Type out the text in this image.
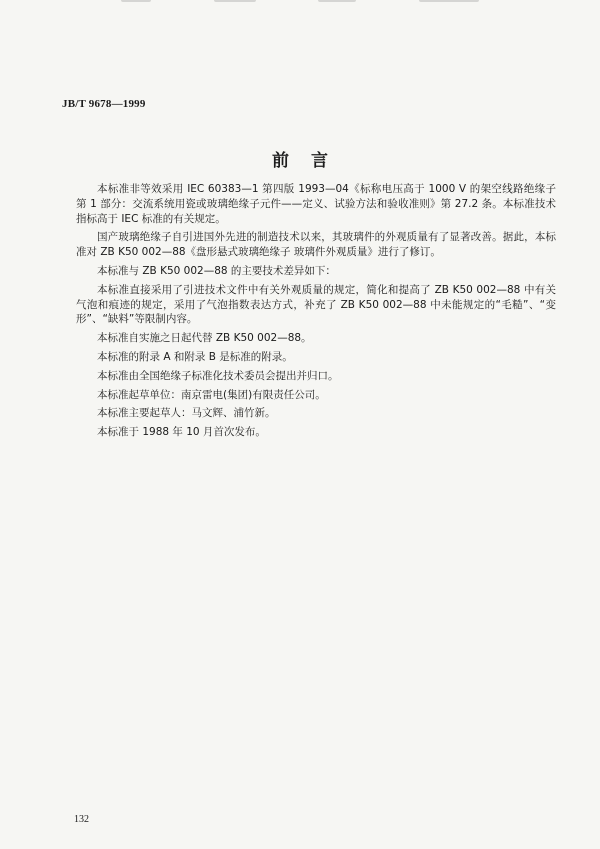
JB/T 9678—1999
前言

本标准非等效采用 IEC 60383—1 第四版 1993—04《标称电压高于 1000 V 的架空线路绝缘子 第 1 部分：交流系统用瓷或玻璃绝缘子元件——定义、试验方法和验收准则》第 27.2 条。本标准技术指标高于 IEC 标准的有关规定。

国产玻璃绝缘子自引进国外先进的制造技术以来，其玻璃件的外观质量有了显著改善。据此，本标准对 ZB K50 002—88《盘形悬式玻璃绝缘子 玻璃件外观质量》进行了修订。

本标准与 ZB K50 002—88 的主要技术差异如下：

本标准直接采用了引进技术文件中有关外观质量的规定，简化和提高了 ZB K50 002—88 中有关气泡和痕迹的规定，采用了气泡指数表达方式，补充了 ZB K50 002—88 中未能规定的“毛糙”、“变形”、“缺料”等限制内容。

本标准自实施之日起代替 ZB K50 002—88。

本标准的附录 A 和附录 B 是标准的附录。

本标准由全国绝缘子标准化技术委员会提出并归口。

本标准起草单位：南京雷电(集团)有限责任公司。

本标准主要起草人：马文辉、浦竹新。

本标准于 1988 年 10 月首次发布。

132
